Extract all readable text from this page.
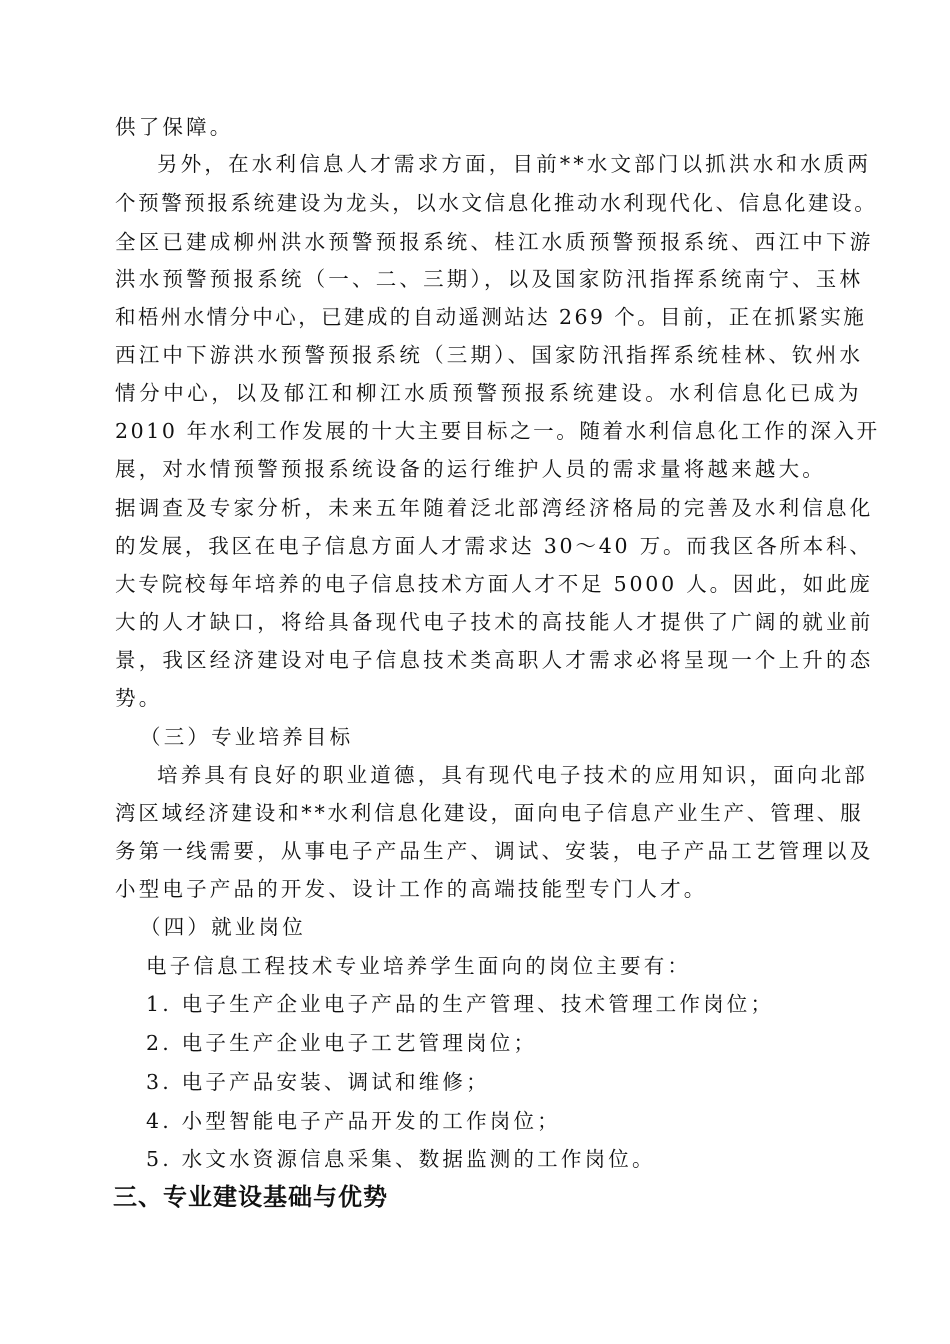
供了保障。
另外，在水利信息人才需求方面，目前**水文部门以抓洪水和水质两
个预警预报系统建设为龙头，以水文信息化推动水利现代化、信息化建设。
全区已建成柳州洪水预警预报系统、桂江水质预警预报系统、西江中下游
洪水预警预报系统（一、二、三期），以及国家防汛指挥系统南宁、玉林
和梧州水情分中心，已建成的自动遥测站达 269 个。目前，正在抓紧实施
西江中下游洪水预警预报系统（三期）、国家防汛指挥系统桂林、钦州水
情分中心，以及郁江和柳江水质预警预报系统建设。水利信息化已成为
2010 年水利工作发展的十大主要目标之一。随着水利信息化工作的深入开
展，对水情预警预报系统设备的运行维护人员的需求量将越来越大。
据调查及专家分析，未来五年随着泛北部湾经济格局的完善及水利信息化
的发展，我区在电子信息方面人才需求达 30～40 万。而我区各所本科、
大专院校每年培养的电子信息技术方面人才不足 5000 人。因此，如此庞
大的人才缺口，将给具备现代电子技术的高技能人才提供了广阔的就业前
景，我区经济建设对电子信息技术类高职人才需求必将呈现一个上升的态
势。
（三）专业培养目标
培养具有良好的职业道德，具有现代电子技术的应用知识，面向北部
湾区域经济建设和**水利信息化建设，面向电子信息产业生产、管理、服
务第一线需要，从事电子产品生产、调试、安装，电子产品工艺管理以及
小型电子产品的开发、设计工作的高端技能型专门人才。
（四）就业岗位
电子信息工程技术专业培养学生面向的岗位主要有：
1. 电子生产企业电子产品的生产管理、技术管理工作岗位；
2. 电子生产企业电子工艺管理岗位；
3. 电子产品安装、调试和维修；
4. 小型智能电子产品开发的工作岗位；
5. 水文水资源信息采集、数据监测的工作岗位。
三、专业建设基础与优势
